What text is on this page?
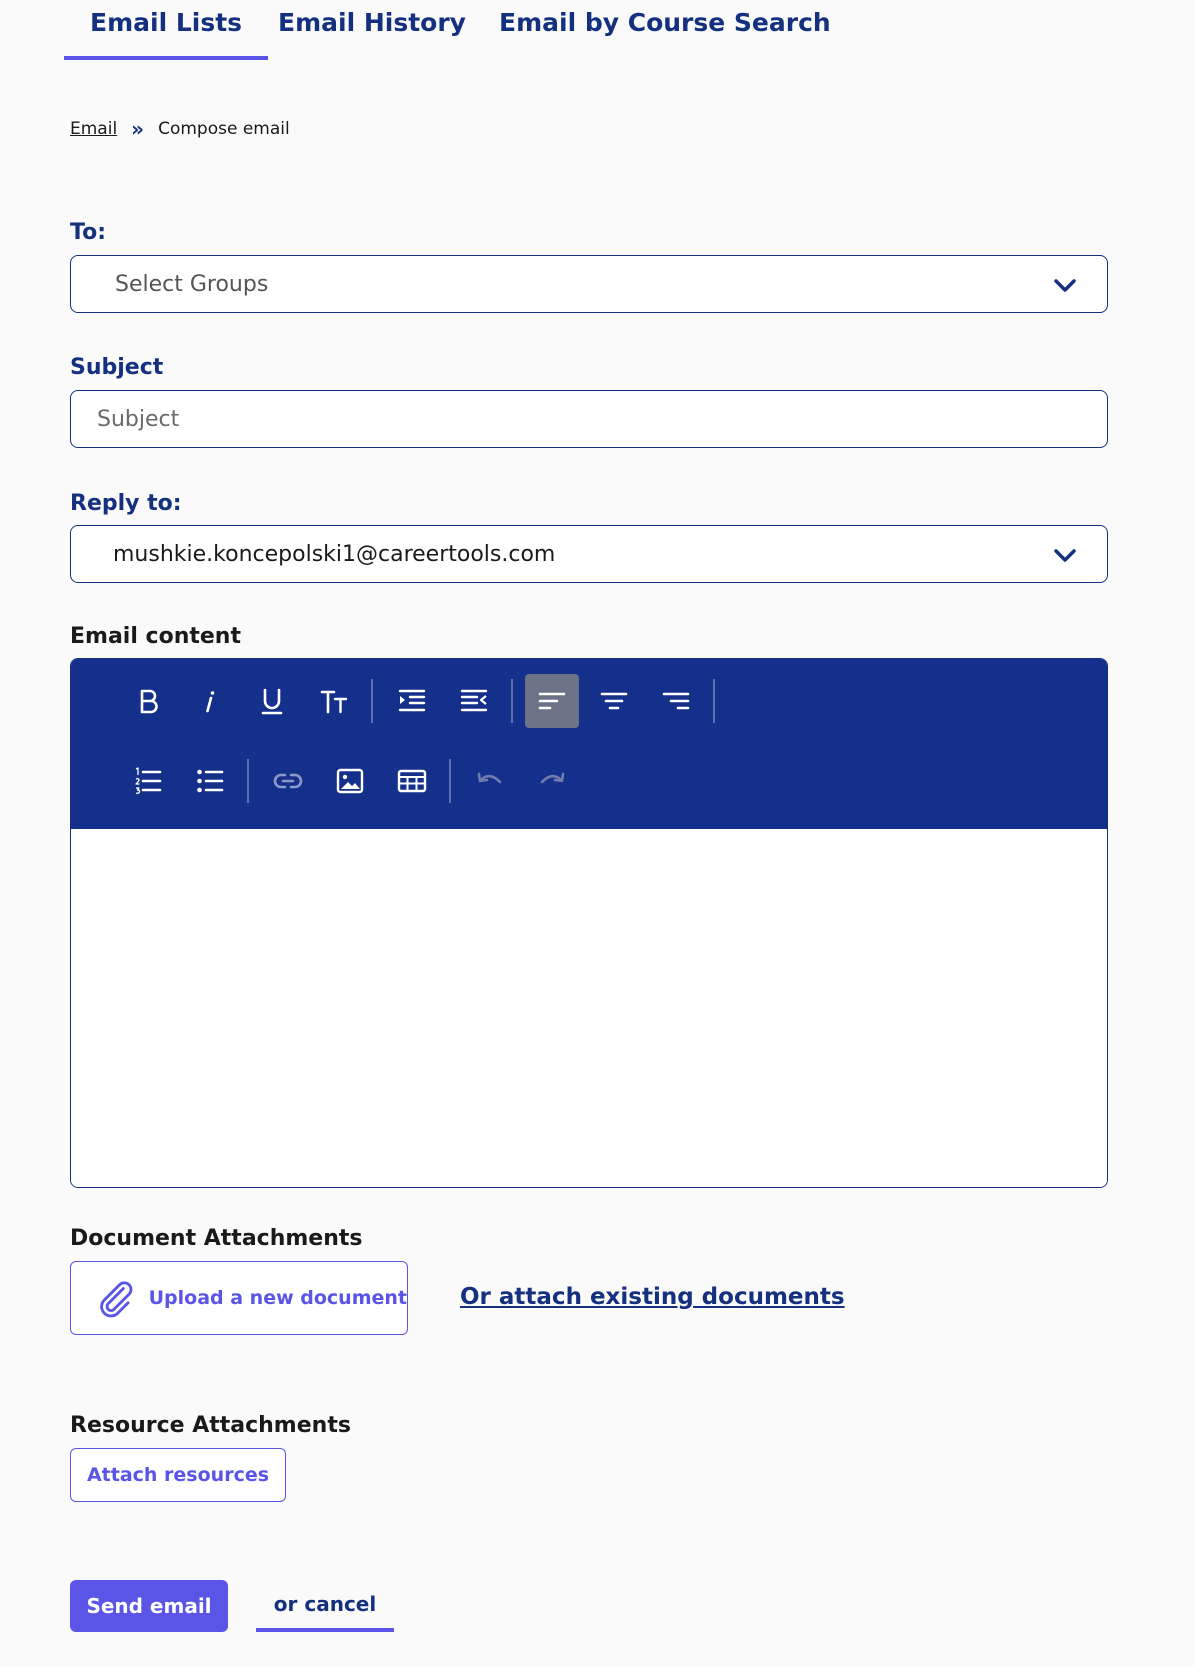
Email Lists Email History Email by Course Search
Email » Compose email
To:
Select Groups
Subject
Subject
Reply to:
mushkie.koncepolski1@careertools.com
Email content
Document Attachments
Upload a new document Or attach existing documents
Resource Attachments
Attach resources
Send email	or cancel
